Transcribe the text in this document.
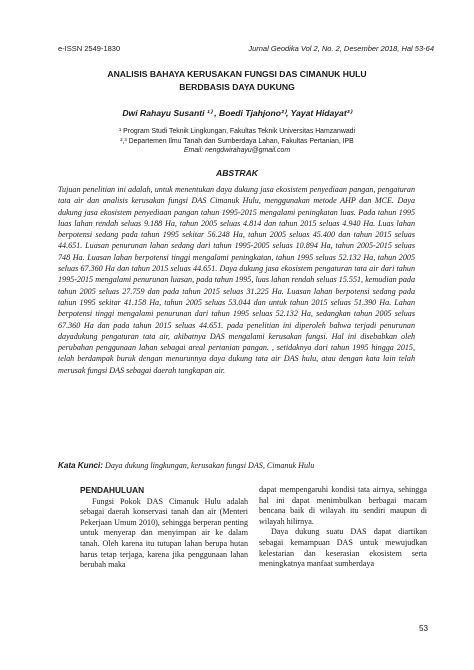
e-ISSN 2549-1830	Jurnal Geodika Vol 2, No. 2, Desember 2018, Hal 53-64
ANALISIS BAHAYA KERUSAKAN FUNGSI DAS CIMANUK HULU
BERDBASIS DAYA DUKUNG
Dwi Rahayu Susanti ¹⁾ , Boedi Tjahjono²⁾, Yayat Hidayat³⁾
¹ Program Studi Teknik Lingkungan, Fakultas Teknik Universitas Hamzanwadi
²,³ Departemen Ilmu Tanah dan Sumberdaya Lahan, Fakultas Pertanian, IPB
Email: nengdwirahayu@gmail.com
ABSTRAK
Tujuan penelitian ini adalah, untuk menentukan daya dukung jasa ekosistem penyediaan pangan, pengaturan tata air dan analisis kerusakan fungsi DAS Cimanuk Hulu, menggunakan metode AHP dan MCE. Daya dukung jasa ekosistem penyediaan pangan tahun 1995-2015 mengalami peningkatan luas. Pada tahun 1995 luas lahan rendah seluas 9.188 Ha, tahun 2005 seluas 4.814 dan tahun 2015 seluas 4.940 Ha. Luas lahan berpotensi sedang pada tahun 1995 sekitar 56.248 Ha, tahun 2005 seluas 45.400 dan tahun 2015 seluas 44.651. Luasan penurunan lahan sedang dari tahun 1995-2005 seluas 10.894 Ha, tahun 2005-2015 seluas 748 Ha. Luasan lahan berpotensi tinggi mengalami peningkatan, tahun 1995 seluas 52.132 Ha, tahun 2005 seluas 67.360 Ha dan tahun 2015 seluas 44.651. Daya dukung jasa ekosistem pengaturan tata air dari tahun 1995-2015 mengalami penurunan luasan, pada tahun 1995, luas lahan rendah seluas 15.551, kemudian pada tahun 2005 seluas 27.759 dan pada tahun 2015 seluas 31.225 Ha. Luasan lahan berpotensi sedang pada tahun 1995 sekitar 41.158 Ha, tahun 2005 seluas 53.044 dan untuk tahun 2015 seluas 51.390 Ha. Lahan berpotensi tinggi mengalami penurunan dari tahun 1995 seluas 52.132 Ha, sedangkan tahun 2005 seluas 67.360 Ha dan pada tahun 2015 seluas 44.651. pada penelitian ini diperoleh bahwa terjadi penurunan dayadukung pengaturan tata air, akibatnya DAS mengalami kerusakan fungsi. Hal ini disebabkan oleh perubahan penggunaan lahan sebagai areal pertanian pangan. , setidaknya dari tahun 1995 hingga 2015, telah berdampak buruk dengan menurunnya daya dukung tata air DAS hulu, atau dengan kata lain telah merusak fungsi DAS sebagai daerah tangkapan air.
Kata Kunci: Daya dukung lingkungan, kerusakan fungsi DAS, Cimanuk Hulu
PENDAHULUAN

Fungsi Pokok DAS Cimanuk Hulu adalah sebagai daerah konservasi tanah dan air (Menteri Pekerjaan Umum 2010), sehingga berperan penting untuk menyerap dan menyimpan air ke dalam tanah. Oleh karena itu tutupan lahan berupa hutan harus tetap terjaga, karena jika penggunaan lahan berubah maka

dapat mempengaruhi kondisi tata airnya, sehingga hal ini dapat menimbulkan berbagai macam bencana baik di wilayah itu sendiri maupun di wilayah hilirnya.

Daya dukung suatu DAS dapat diartikan sebagai kemampuan DAS untuk mewujudkan kelestarian dan keserasian ekosistem serta meningkatnya manfaat sumberdaya

53
